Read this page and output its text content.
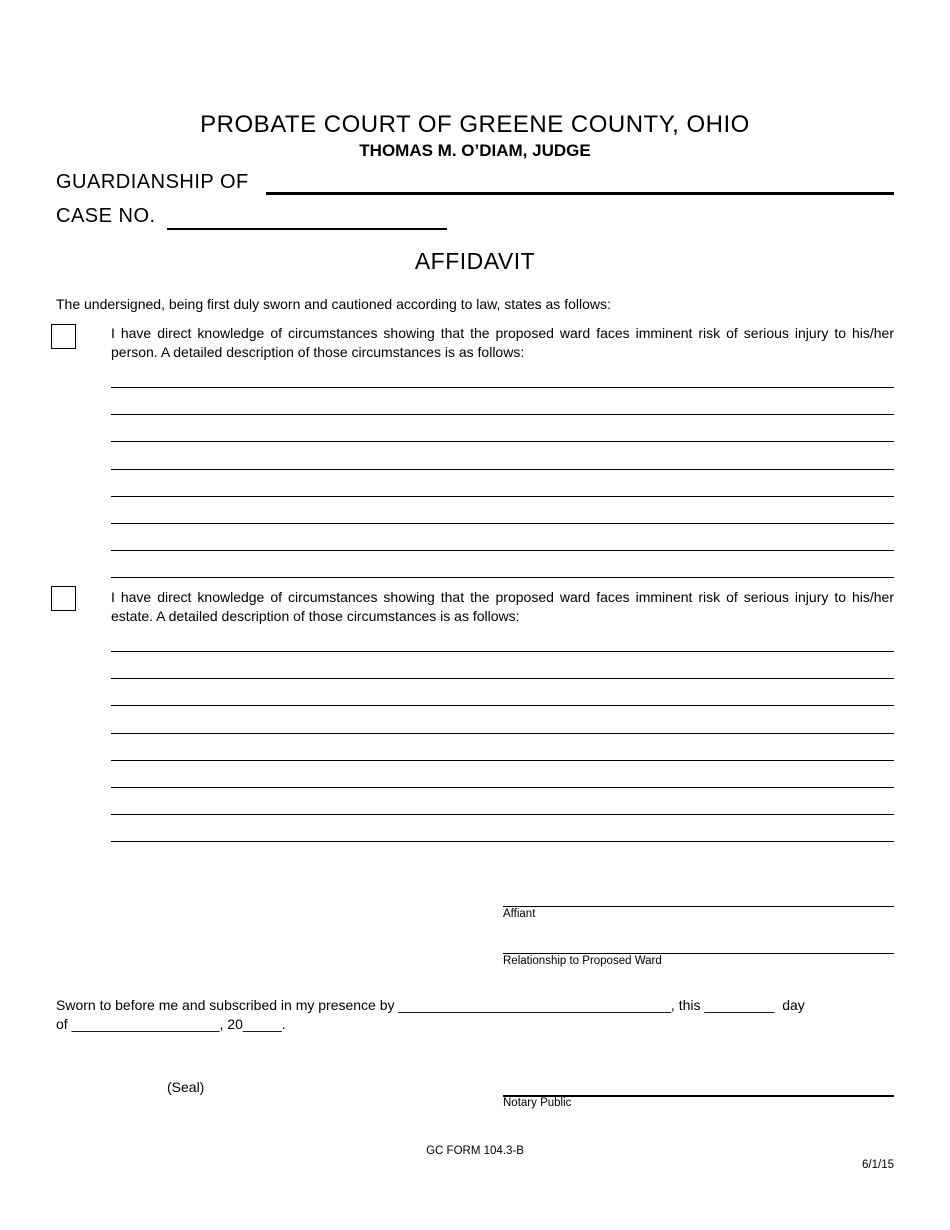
PROBATE COURT OF GREENE COUNTY, OHIO
THOMAS M. O’DIAM, JUDGE
GUARDIANSHIP OF
CASE NO.
AFFIDAVIT
The undersigned, being first duly sworn and cautioned according to law, states as follows:
I have direct knowledge of circumstances showing that the proposed ward faces imminent risk of serious injury to his/her person. A detailed description of those circumstances is as follows:
I have direct knowledge of circumstances showing that the proposed ward faces imminent risk of serious injury to his/her estate. A detailed description of those circumstances is as follows:
Affiant
Relationship to Proposed Ward
Sworn to before me and subscribed in my presence by ___________________________________, this _________  day
of ___________________, 20_____.
(Seal)
Notary Public
GC FORM 104.3-B
6/1/15
